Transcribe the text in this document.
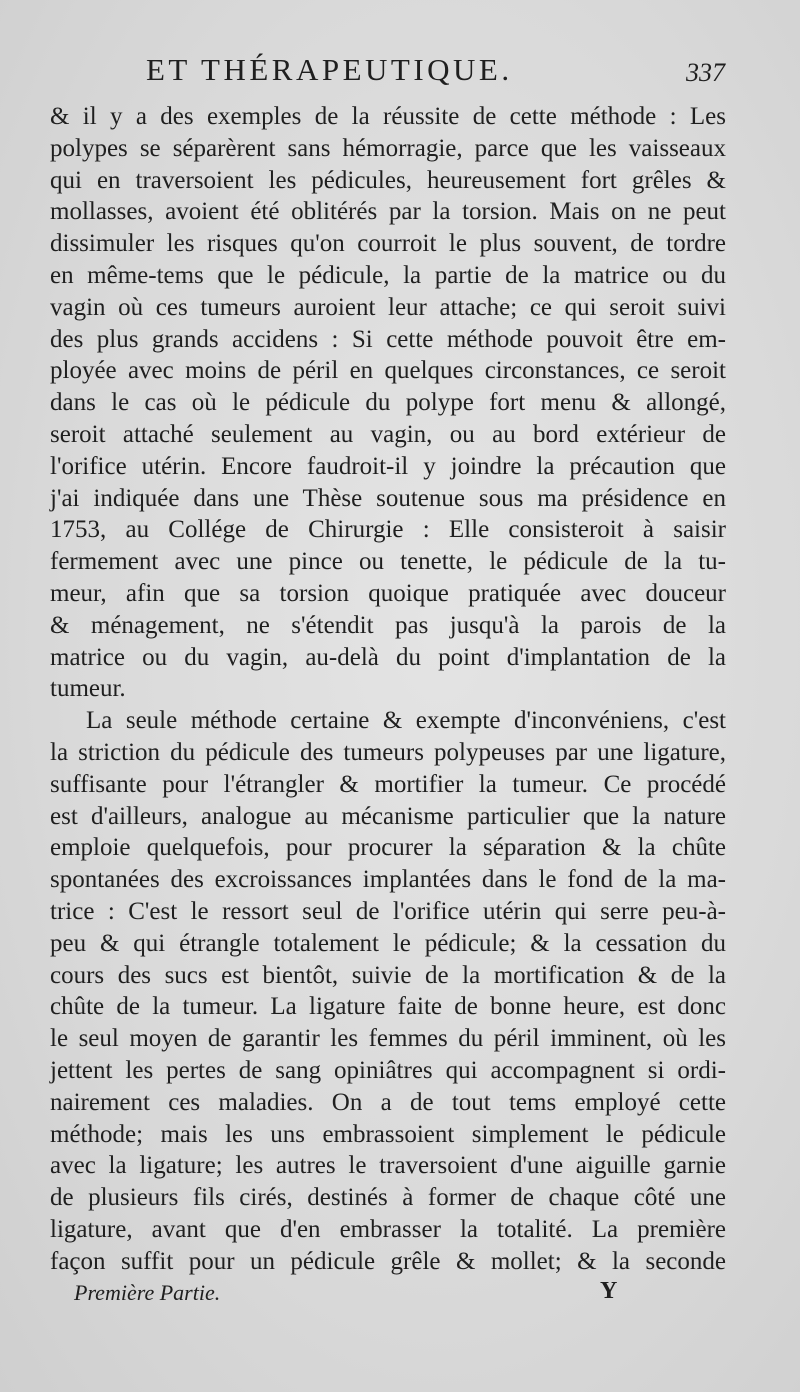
ET THÉRAPEUTIQUE.	337
& il y a des exemples de la réussite de cette méthode : Les
polypes se séparèrent sans hémorragie, parce que les vaisseaux
qui en traversoient les pédicules, heureusement fort grêles &
mollasses, avoient été oblitérés par la torsion. Mais on ne peut
dissimuler les risques qu'on courroit le plus souvent, de tordre
en même-tems que le pédicule, la partie de la matrice ou du
vagin où ces tumeurs auroient leur attache; ce qui seroit suivi
des plus grands accidens : Si cette méthode pouvoit être em-
ployée avec moins de péril en quelques circonstances, ce seroit
dans le cas où le pédicule du polype fort menu & allongé,
seroit attaché seulement au vagin, ou au bord extérieur de
l'orifice utérin. Encore faudroit-il y joindre la précaution que
j'ai indiquée dans une Thèse soutenue sous ma présidence en
1753, au Collége de Chirurgie : Elle consisteroit à saisir
fermement avec une pince ou tenette, le pédicule de la tu-
meur, afin que sa torsion quoique pratiquée avec douceur
& ménagement, ne s'étendit pas jusqu'à la parois de la
matrice ou du vagin, au-delà du point d'implantation de la
tumeur.
La seule méthode certaine & exempte d'inconvéniens, c'est
la striction du pédicule des tumeurs polypeuses par une ligature,
suffisante pour l'étrangler & mortifier la tumeur. Ce procédé
est d'ailleurs, analogue au mécanisme particulier que la nature
emploie quelquefois, pour procurer la séparation & la chûte
spontanées des excroissances implantées dans le fond de la ma-
trice : C'est le ressort seul de l'orifice utérin qui serre peu-à-
peu & qui étrangle totalement le pédicule; & la cessation du
cours des sucs est bientôt, suivie de la mortification & de la
chûte de la tumeur. La ligature faite de bonne heure, est donc
le seul moyen de garantir les femmes du péril imminent, où les
jettent les pertes de sang opiniâtres qui accompagnent si ordi-
nairement ces maladies. On a de tout tems employé cette
méthode; mais les uns embrassoient simplement le pédicule
avec la ligature; les autres le traversoient d'une aiguille garnie
de plusieurs fils cirés, destinés à former de chaque côté une
ligature, avant que d'en embrasser la totalité. La première
façon suffit pour un pédicule grêle & mollet; & la seconde
Première Partie.	Y
